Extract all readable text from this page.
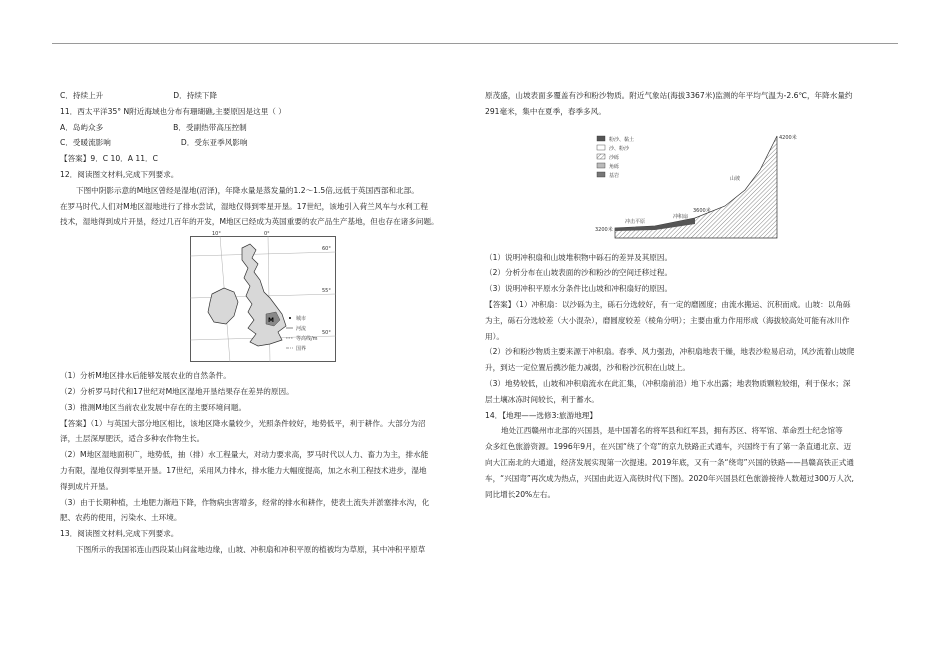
C．持续上升	D．持续下降

11．西太平洋35° N附近海域也分布有珊瑚礁,主要原因是这里（ ）

A．岛屿众多	B．受副热带高压控制

C．受暖流影响	D．受东亚季风影响

【答案】9．C 10．A 11．C

12．阅读图文材料,完成下列要求。

下图中阴影示意的M地区曾经是湿地(沼泽)，年降水量是蒸发量的1.2～1.5倍,远低于英国西部和北部。

在罗马时代,人们对M地区湿地进行了排水尝试，湿地仅得到零星开垦。17世纪，该地引入荷兰风车与水利工程

技术，湿地得到成片开垦，经过几百年的开发，M地区已经成为英国重要的农产品生产基地，但也存在诸多问题。

10°	0°
60°
55°
50°
M	城市
河流
等高线/m
国界

（1）分析M地区排水后能够发展农业的自然条件。

（2）分析罗马时代和17世纪对M地区湿地开垦结果存在差异的原因。

（3）推测M地区当前农业发展中存在的主要环境问题。

【答案】（1）与英国大部分地区相比，该地区降水量较少，光照条件较好，地势低平，利于耕作。大部分为沼

泽，土层深厚肥沃，适合多种农作物生长。

（2）M地区湿地面积广，地势低，抽（排）水工程量大，对动力要求高，罗马时代以人力、畜力为主，排水能

力有限，湿地仅得到零星开垦。17世纪，采用风力排水，排水能力大幅度提高，加之水利工程技术进步，湿地

得到成片开垦。

（3）由于长期种植，土地肥力渐趋下降，作物病虫害增多，经常的排水和耕作，使表土流失并淤塞排水沟，化

肥、农药的使用，污染水、土环境。

13．阅读图文材料,完成下列要求。

下图所示的我国祁连山西段某山间盆地边缘，山坡、冲积扇和冲积平原的植被均为草原，其中冲积平原草

原茂盛，山坡表面多覆盖有沙和粉沙物质。附近气象站(海拔3367米)监测的年平均气温为-2.6℃，年降水量约

291毫米，集中在夏季，春季多风。

粉沙、黏土
沙、粉沙
沙砾
角砾
基岩
4200米
3600米
3200米
冲击平原
冲积扇
山坡

（1）说明冲积扇和山坡堆积物中砾石的差异及其原因。

（2）分析分布在山坡表面的沙和粉沙的空间迁移过程。

（3）说明冲积平原水分条件比山坡和冲积扇好的原因。

【答案】（1）冲积扇：以沙砾为主，砾石分选较好，有一定的磨圆度；由流水搬运、沉积而成。山坡：以角砾

为主，砾石分选较差（大小混杂），磨圆度较差（棱角分明）；主要由重力作用形成（海拔较高处可能有冰川作

用）。

（2）沙和粉沙物质主要来源于冲积扇。春季、风力强劲，冲积扇地表干燥，地表沙粒易启动，风沙流着山坡爬

升，到达一定位置后携沙能力减弱，沙和粉沙沉积在山坡上。

（3）地势较低，山坡和冲积扇流水在此汇集，（冲积扇前沿）地下水出露；地表物质颗粒较细，利于保水；深

层土壤冰冻时间较长，利于蓄水。

14．【地理——选修3:旅游地理】

地处江西赣州市北部的兴国县，是中国著名的将军县和红军县，拥有苏区、将军馆、革命烈士纪念馆等

众多红色旅游资源。1996年9月，在兴国“绕了个弯”的京九铁路正式通车，兴国终于有了第一条直通北京、迈

向大江南北的大通道，经济发展实现第一次提速。2019年底，又有一条“绕弯”兴国的铁路——昌赣高铁正式通

车，“兴国弯”再次成为热点，兴国由此迈入高铁时代(下图)。2020年兴国县红色旅游接待人数超过300万人次,

同比增长20%左右。
